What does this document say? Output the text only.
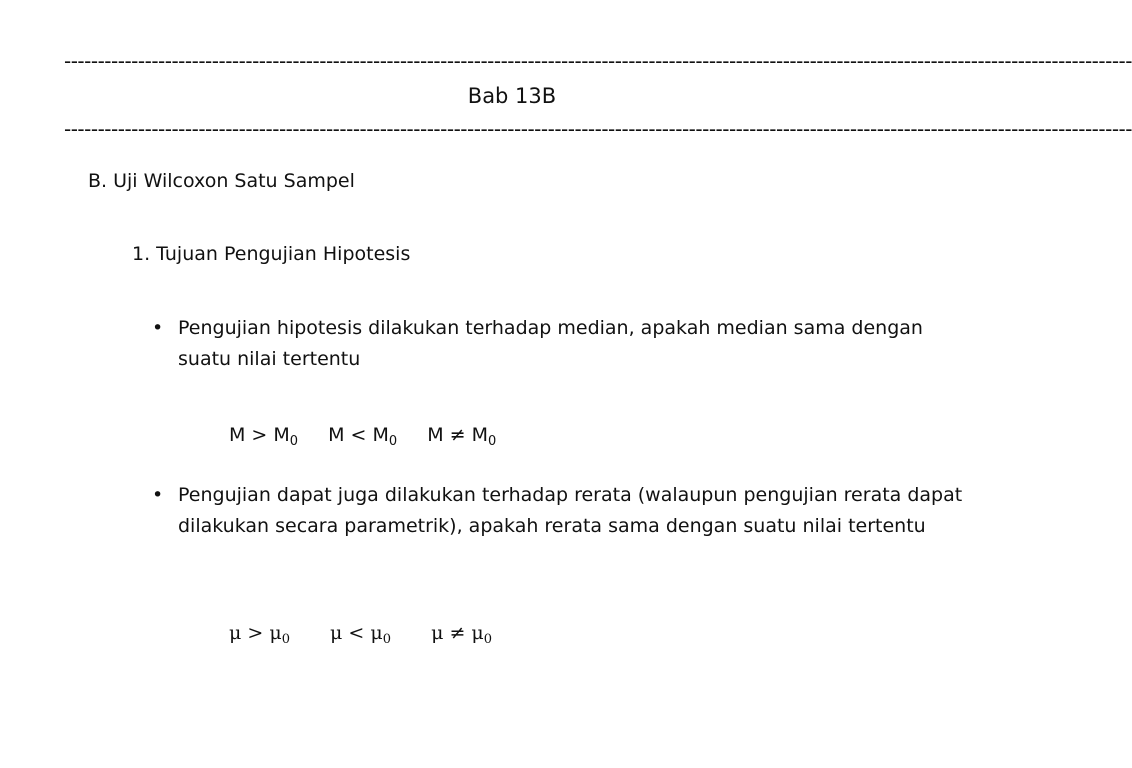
---------------------------------------------------------------------------------------------------------------------------------------------------------------
Bab 13B
---------------------------------------------------------------------------------------------------------------------------------------------------------------
B. Uji Wilcoxon Satu Sampel
1. Tujuan Pengujian Hipotesis
• Pengujian hipotesis dilakukan terhadap median, apakah median sama dengan suatu nilai tertentu
$M > M_0$ $M < M_0$ $M \ne M_0$
• Pengujian dapat juga dilakukan terhadap rerata (walaupun pengujian rerata dapat dilakukan secara parametrik), apakah rerata sama dengan suatu nilai tertentu
$\mu > \mu_0$ $\mu < \mu_0$ $\mu \ne \mu_0$
